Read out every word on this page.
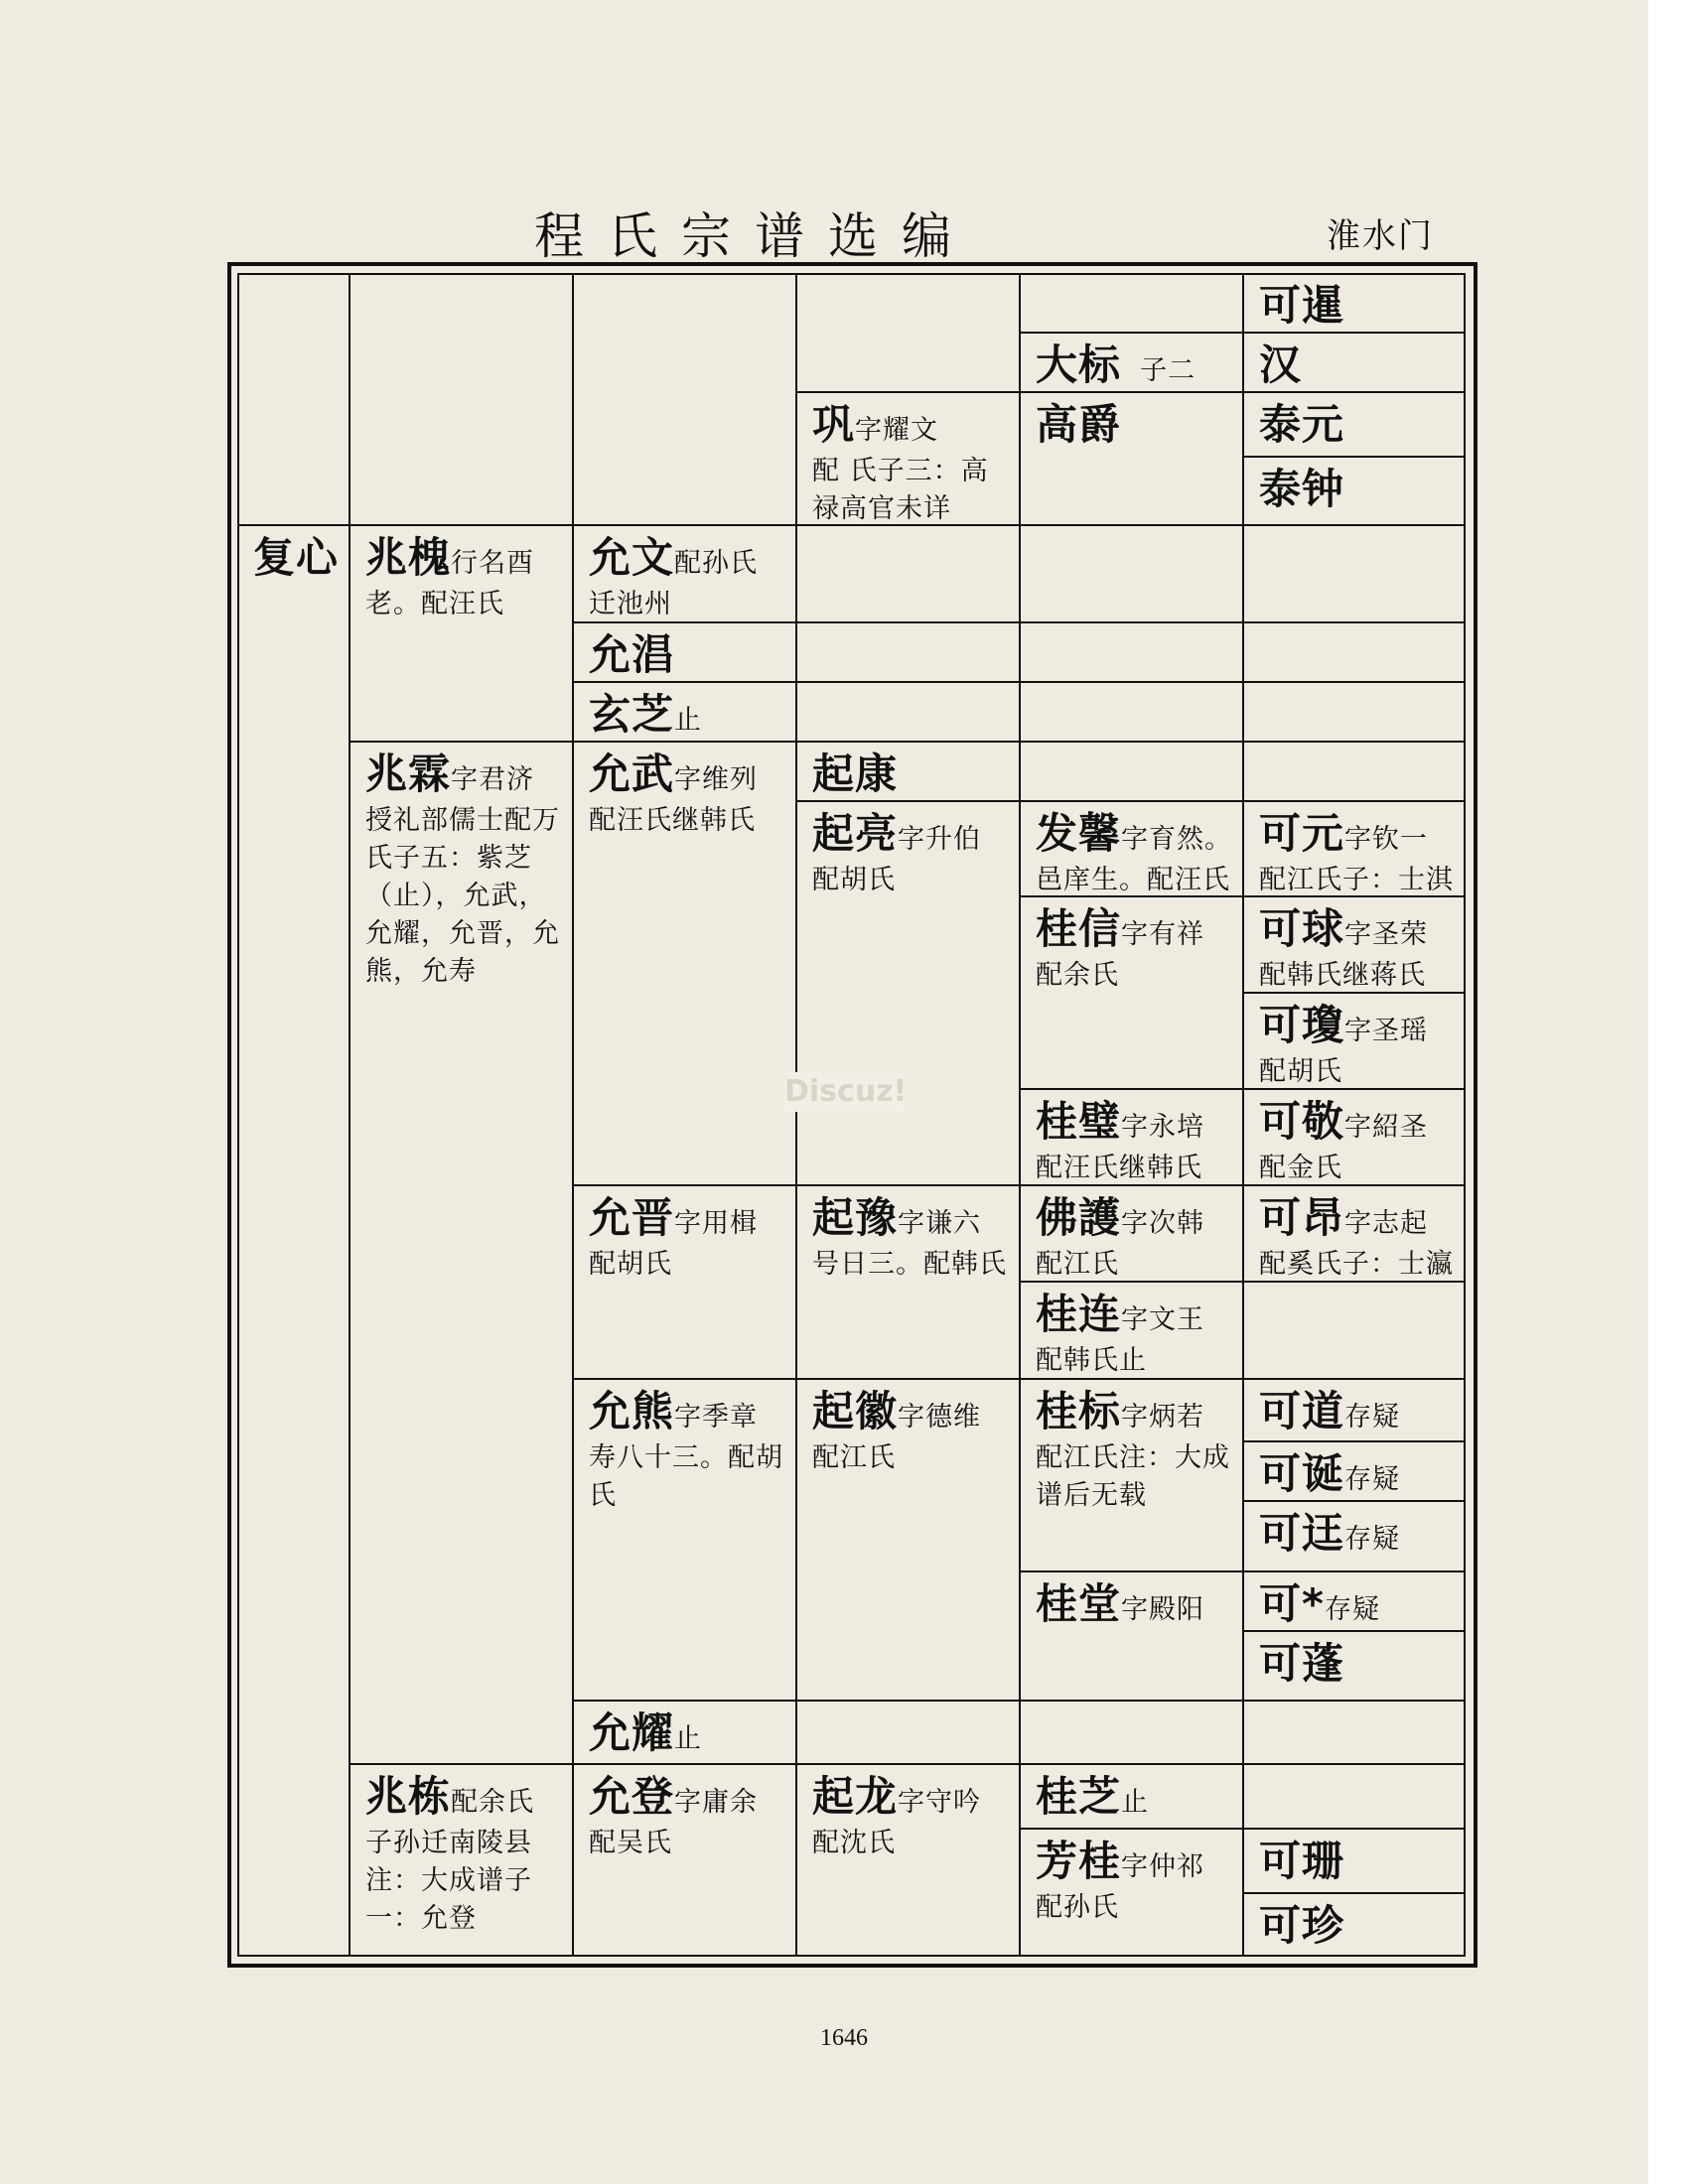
程氏宗谱选编	淮水门
复心 兆槐行名酉
老。配汪氏
兆霖字君济
授礼部儒士配万氏子五：紫芝（止），允武，允耀，允晋，允熊，允寿
兆栋配余氏
子孙迁南陵县注：大成谱子一：允登
允文配孙氏
迁池州
允淐
玄芝止
允武字维列
配汪氏继韩氏
允晋字用楫
配胡氏
允熊字季章
寿八十三。配胡氏
允耀止
允登字庸余
配吴氏
巩字耀文
配 氏子三：高禄高官未详
起康
起亮字升伯
配胡氏
起豫字谦六
号日三。配韩氏
起徽字德维
配江氏
起龙字守吟
配沈氏
大标 子二
高爵
发馨字育然。
邑庠生。配汪氏
桂信字有祥
配余氏
桂璧字永培
配汪氏继韩氏
佛護字次韩
配江氏
桂连字文王
配韩氏止
桂标字炳若
配江氏注：大成谱后无载
桂堂字殿阳
桂芝止
芳桂字仲祁
配孙氏
可暹
汉
泰元
泰钟
可元字钦一
配江氏子：士淇
可球字圣荣
配韩氏继蒋氏
可瓊字圣瑶
配胡氏
可敬字紹圣
配金氏
可昂字志起
配奚氏子：士瀛
可道存疑
可诞存疑
可迋存疑
可*存疑
可蓬
可珊
可珍
Discuz!
1646
